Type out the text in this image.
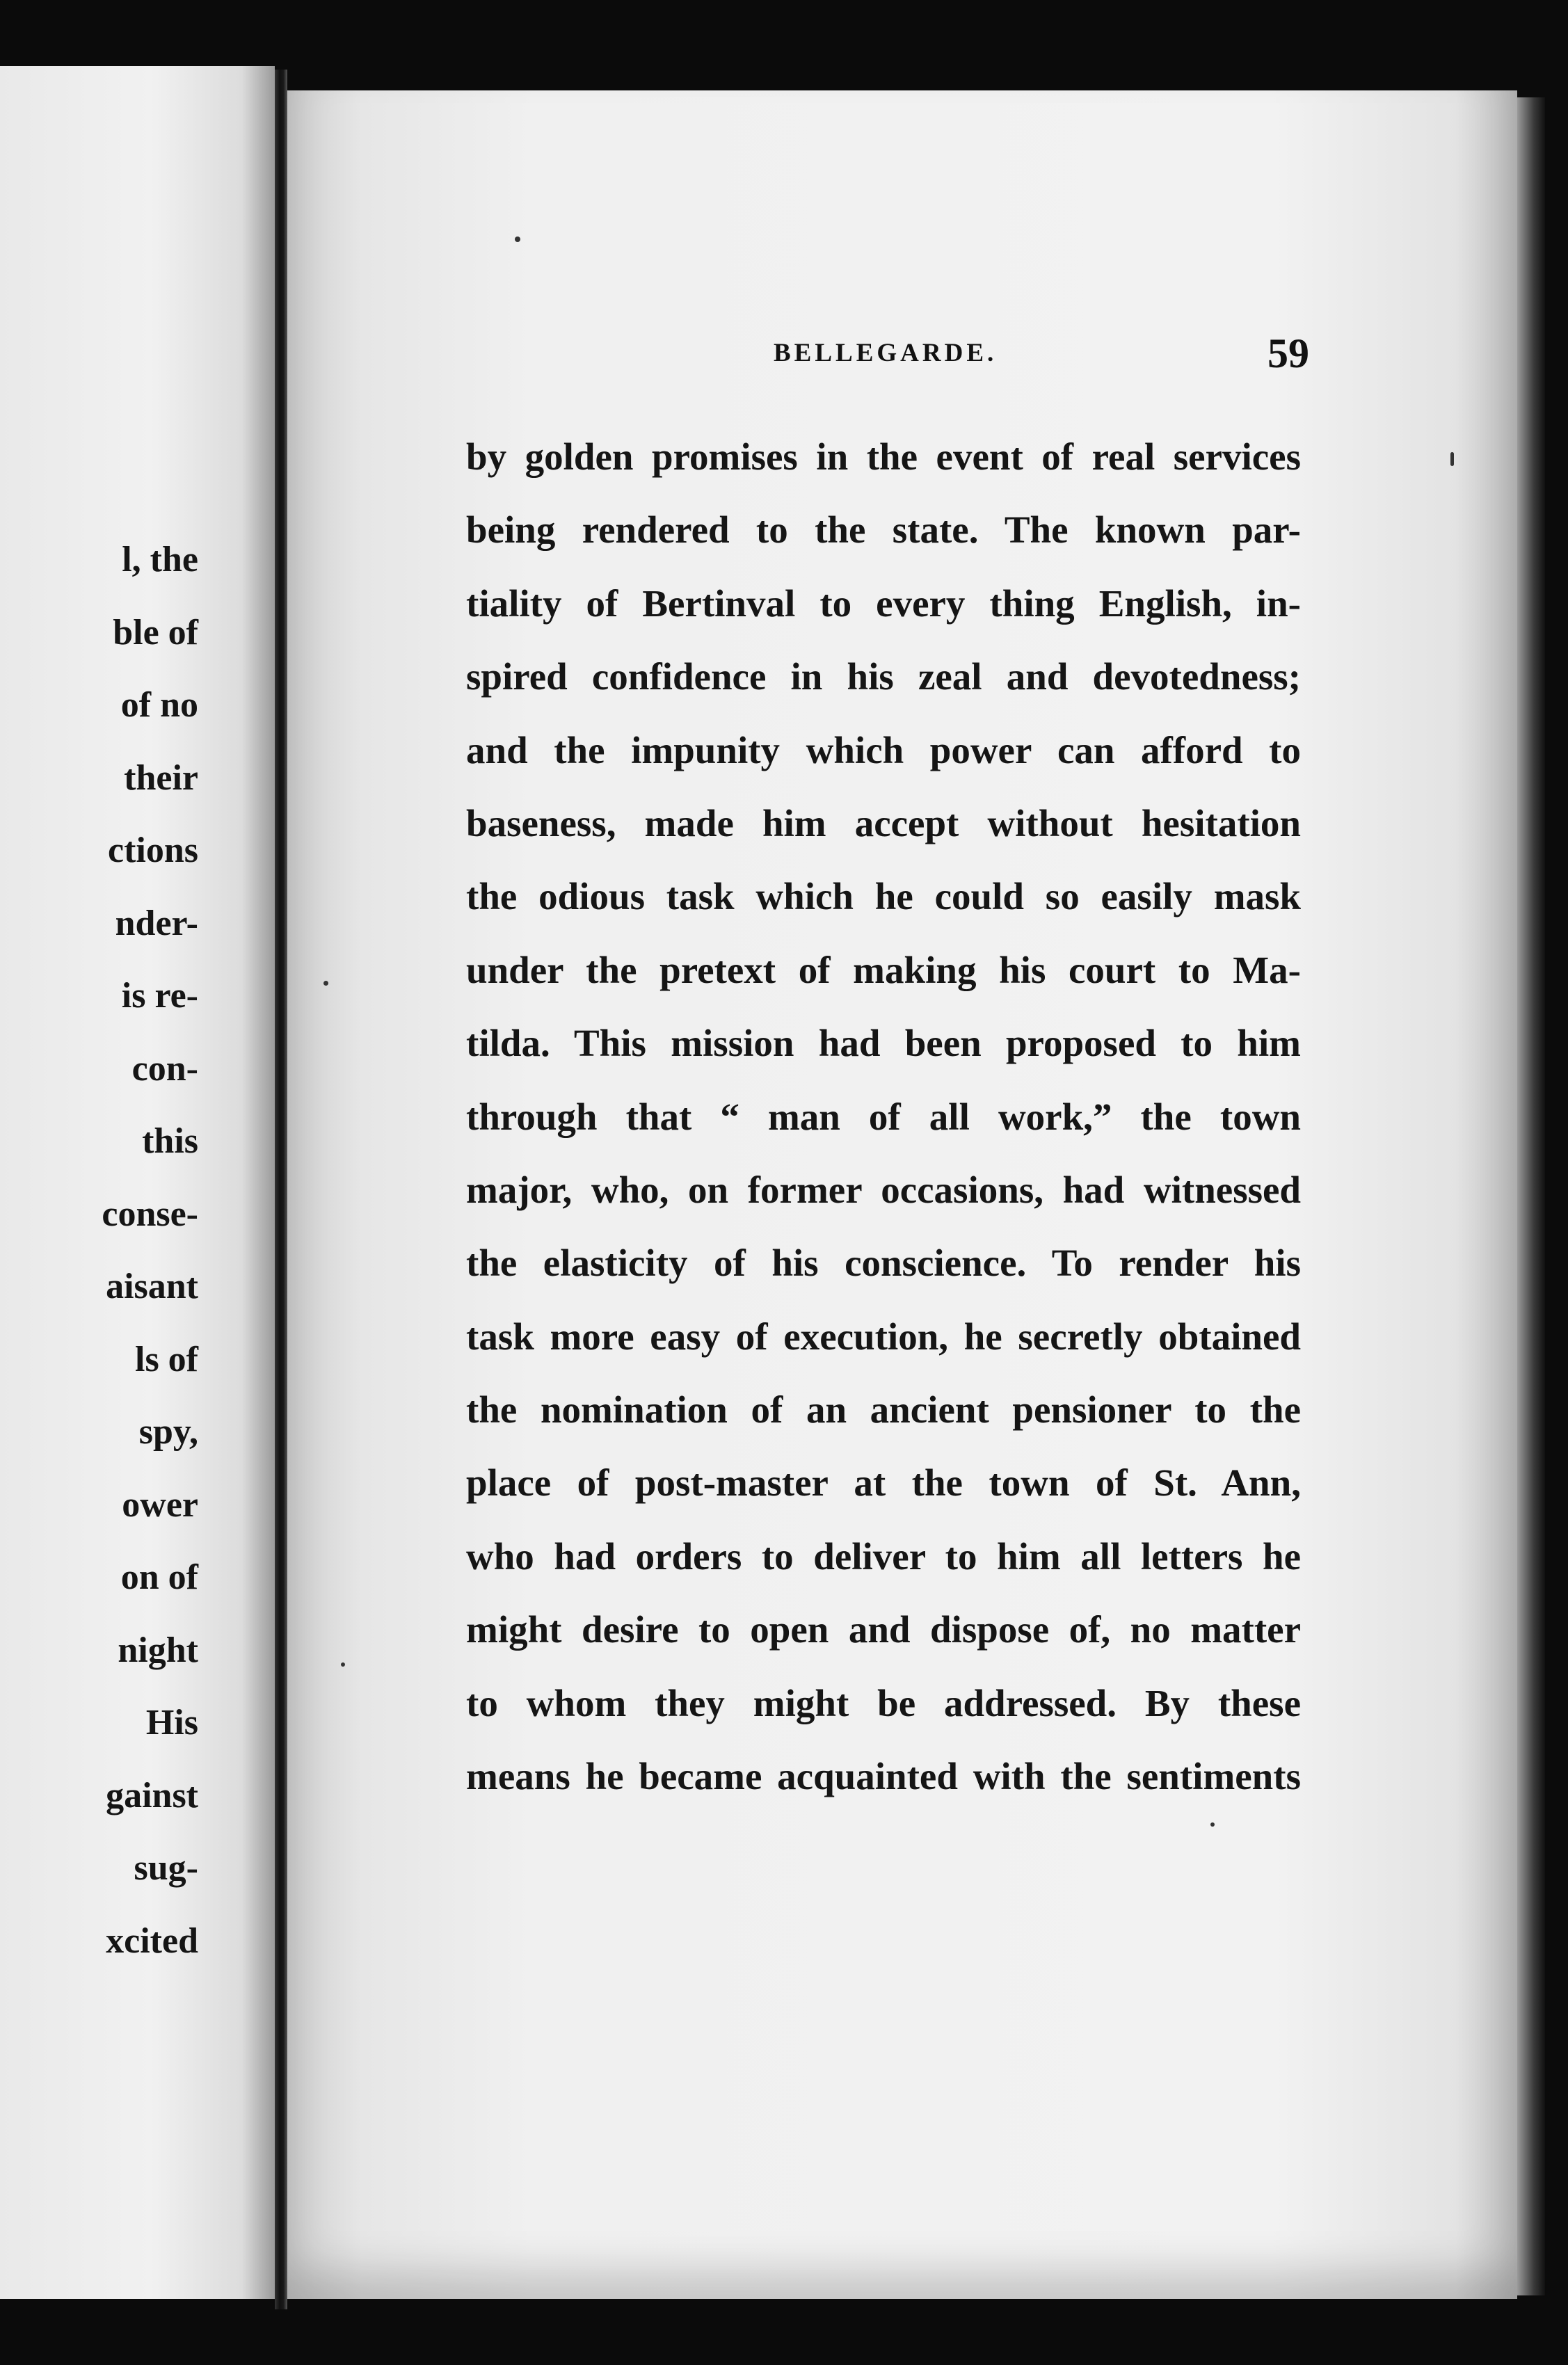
l, the
ble of
of no
their
ctions
nder-
is re-
con-
this
conse-
aisant
ls of
spy,
ower
on of
night
His
gainst
sug-
xcited
BELLEGARDE.	59
by golden promises in the event of real services
being rendered to the state. The known par-
tiality of Bertinval to every thing English, in-
spired confidence in his zeal and devotedness;
and the impunity which power can afford to
baseness, made him accept without hesitation
the odious task which he could so easily mask
under the pretext of making his court to Ma-
tilda. This mission had been proposed to him
through that “ man of all work,” the town
major, who, on former occasions, had witnessed
the elasticity of his conscience. To render his
task more easy of execution, he secretly obtained
the nomination of an ancient pensioner to the
place of post-master at the town of St. Ann,
who had orders to deliver to him all letters he
might desire to open and dispose of, no matter
to whom they might be addressed. By these
means he became acquainted with the sentiments
